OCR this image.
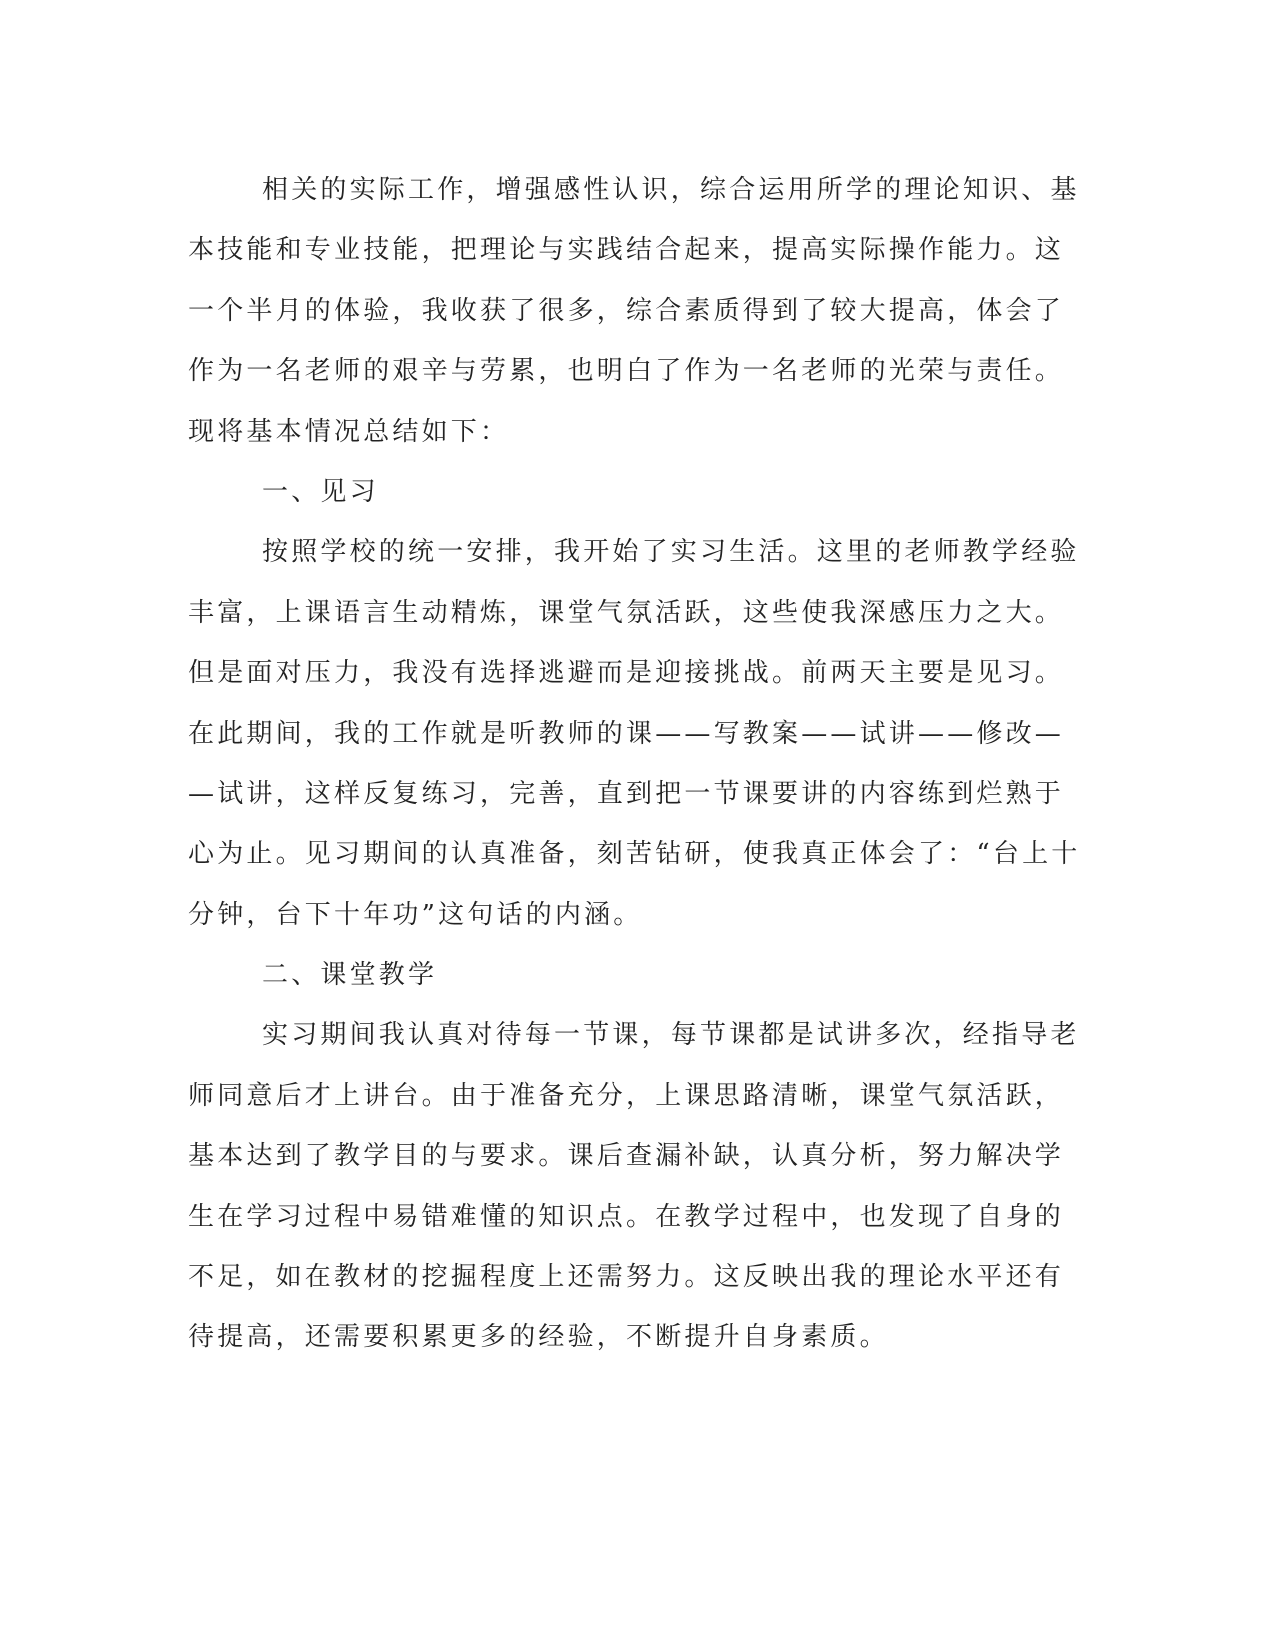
相关的实际工作，增强感性认识，综合运用所学的理论知识、基
本技能和专业技能，把理论与实践结合起来，提高实际操作能力。这
一个半月的体验，我收获了很多，综合素质得到了较大提高，体会了
作为一名老师的艰辛与劳累，也明白了作为一名老师的光荣与责任。
现将基本情况总结如下：
一、见习
按照学校的统一安排，我开始了实习生活。这里的老师教学经验
丰富，上课语言生动精炼，课堂气氛活跃，这些使我深感压力之大。
但是面对压力，我没有选择逃避而是迎接挑战。前两天主要是见习。
在此期间，我的工作就是听教师的课——写教案——试讲——修改—
—试讲，这样反复练习，完善，直到把一节课要讲的内容练到烂熟于
心为止。见习期间的认真准备，刻苦钻研，使我真正体会了：“台上十
分钟，台下十年功”这句话的内涵。
二、课堂教学
实习期间我认真对待每一节课，每节课都是试讲多次，经指导老
师同意后才上讲台。由于准备充分，上课思路清晰，课堂气氛活跃，
基本达到了教学目的与要求。课后查漏补缺，认真分析，努力解决学
生在学习过程中易错难懂的知识点。在教学过程中，也发现了自身的
不足，如在教材的挖掘程度上还需努力。这反映出我的理论水平还有
待提高，还需要积累更多的经验，不断提升自身素质。
